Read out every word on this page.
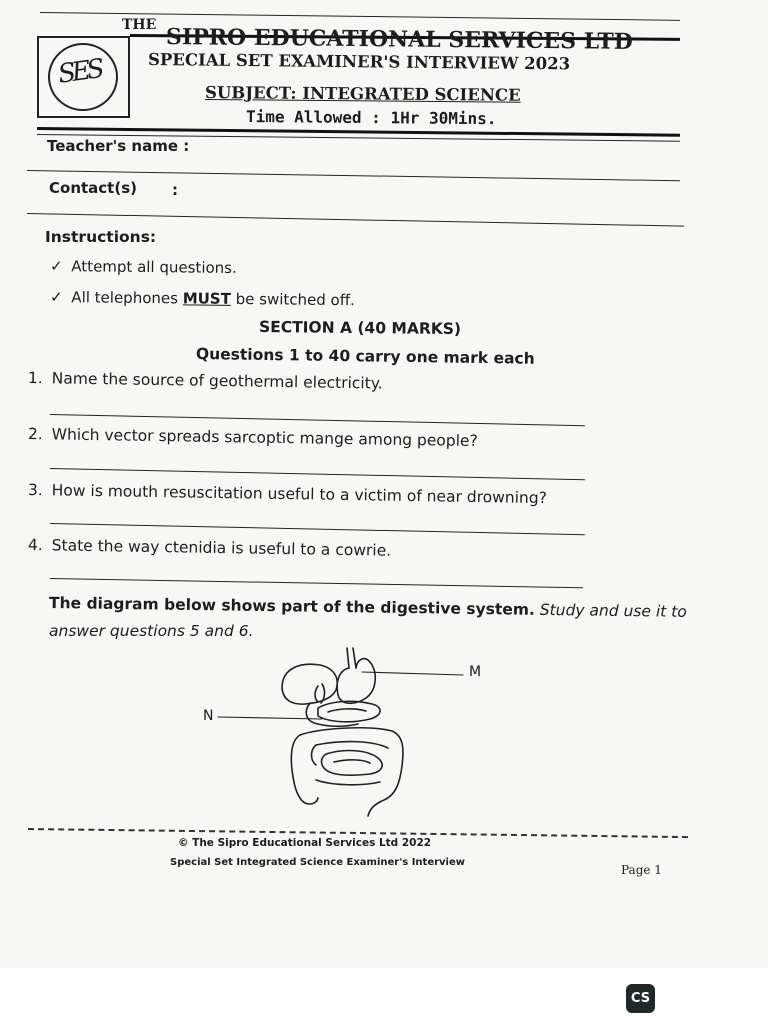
SES
THE SIPRO EDUCATIONAL SERVICES LTD
SPECIAL SET EXAMINER'S INTERVIEW 2023
SUBJECT: INTEGRATED SCIENCE
Time Allowed : 1Hr 30Mins.
Teacher's name :
Contact(s) :
Instructions:
✓ Attempt all questions.
✓ All telephones MUST be switched off.
SECTION A (40 MARKS)
Questions 1 to 40 carry one mark each
1. Name the source of geothermal electricity.
2. Which vector spreads sarcoptic mange among people?
3. How is mouth resuscitation useful to a victim of near drowning?
4. State the way ctenidia is useful to a cowrie.
The diagram below shows part of the digestive system. Study and use it to
answer questions 5 and 6.
M
N
© The Sipro Educational Services Ltd 2022
Special Set Integrated Science Examiner's Interview
Page 1
CS
